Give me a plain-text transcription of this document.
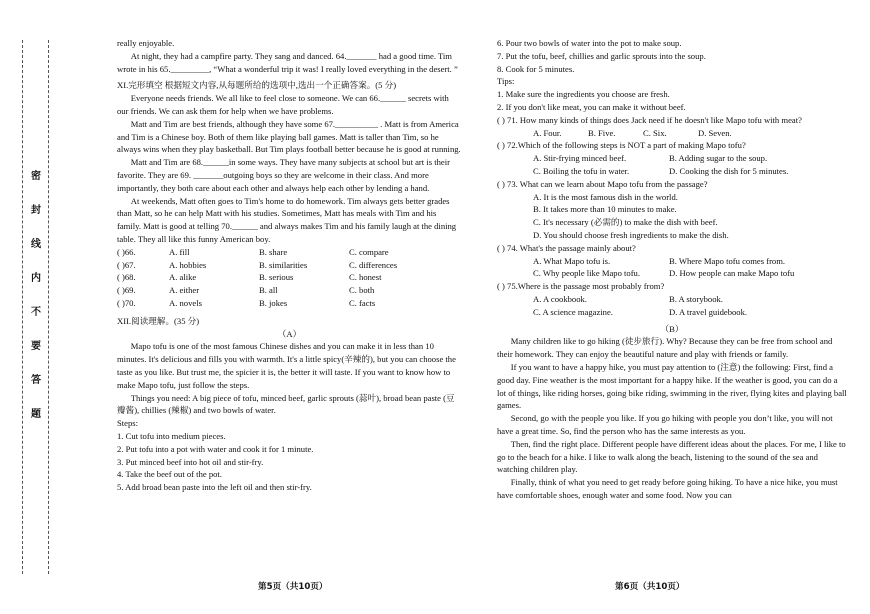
密
封
线
内
不
要
答
题

really enjoyable.

At night, they had a campfire party. They sang and danced. 64._______ had a good time. Tim wrote in his 65._________, “What a wonderful trip it was! I really loved everything in the desert. ”

XI.完形填空 根据短文内容,从每题所给的选项中,选出一个正确答案。(5 分)

Everyone needs friends. We all like to feel close to someone. We can 66.______ secrets with our friends. We can ask them for help when we have problems.

Matt and Tim are best friends, although they have some 67.__________ . Matt is from America and Tim is a Chinese boy. Both of them like playing ball games. Matt is taller than Tim, so he always wins when they play basketball. But Tim plays football better because he is good at running.

Matt and Tim are 68.______in some ways. They have many subjects at school but art is their favorite. They are 69. _______outgoing boys so they are welcome in their class. And more importantly, they both care about each other and always help each other by lending a hand.

At weekends, Matt often goes to Tim's home to do homework. Tim always gets better grades than Matt, so he can help Matt with his studies. Sometimes, Matt has meals with Tim and his family. Matt is good at telling 70.______ and always makes Tim and his family laugh at the dining table. They all like this funny American boy.

( )66.	A. fill	B. share	C. compare
( )67.	A. hobbies	B. similarities	C. differences
( )68.	A. alike	B. serious	C. honest
( )69.	A. either	B. all	C. both
( )70.	A. novels	B. jokes	C. facts

XII.阅读理解。(35 分)

（A）

Mapo tofu is one of the most famous Chinese dishes and you can make it in less than 10 minutes. It's delicious and fills you with warmth. It's a little spicy(辛辣的), but you can choose the taste as you like. But trust me, the spicier it is, the better it will taste. If you want to know how to make Mapo tofu, just follow the steps.

Things you need: A big piece of tofu, minced beef, garlic sprouts (蒜叶), broad bean paste (豆瓣酱), chillies (辣椒) and two bowls of water.

Steps:

1. Cut tofu into medium pieces.

2. Put tofu into a pot with water and cook it for 1 minute.

3. Put minced beef into hot oil and stir-fry.

4. Take the beef out of the pot.

5. Add broad bean paste into the left oil and then stir-fry.

6. Pour two bowls of water into the pot to make soup.

7. Put the tofu, beef, chillies and garlic sprouts into the soup.

8. Cook for 5 minutes.

Tips:

1. Make sure the ingredients you choose are fresh.

2. If you don't like meat, you can make it without beef.

( ) 71. How many kinds of things does Jack need if he doesn't like Mapo tofu with meat?

A. Four.	B. Five.	C. Six.	D. Seven.

( ) 72.Which of the following steps is NOT a part of making Mapo tofu?

A. Stir-frying minced beef.	B. Adding sugar to the soup.
C. Boiling the tofu in water.	D. Cooking the dish for 5 minutes.

( ) 73. What can we learn about Mapo tofu from the passage?

A. It is the most famous dish in the world.
B. It takes more than 10 minutes to make.
C. It's necessary (必需的) to make the dish with beef.
D. You should choose fresh ingredients to make the dish.

( ) 74. What's the passage mainly about?

A. What Mapo tofu is.	B. Where Mapo tofu comes from.
C. Why people like Mapo tofu.	D. How people can make Mapo tofu

( ) 75.Where is the passage most probably from?

A. A cookbook.	B. A storybook.
C. A science magazine.	D. A travel guidebook.

（B）

Many children like to go hiking (徒步旅行). Why? Because they can be free from school and their homework. They can enjoy the beautiful nature and play with friends or family.

If you want to have a happy hike, you must pay attention to (注意) the following: First, find a good day. Fine weather is the most important for a happy hike. If the weather is good, you can do a lot of things, like riding horses, going bike riding, swimming in the river, flying kites and playing ball games.

Second, go with the people you like. If you go hiking with people you don’t like, you will not have a great time. So, find the person who has the same interests as you.

Then, find the right place. Different people have different ideas about the places. For me, I like to go to the beach for a hike. I like to walk along the beach, listening to the sound of the sea and watching children play.

Finally, think of what you need to get ready before going hiking. To have a nice hike, you must have comfortable shoes, enough water and some food. Now you can

第5页（共10页）	第6页（共10页）
